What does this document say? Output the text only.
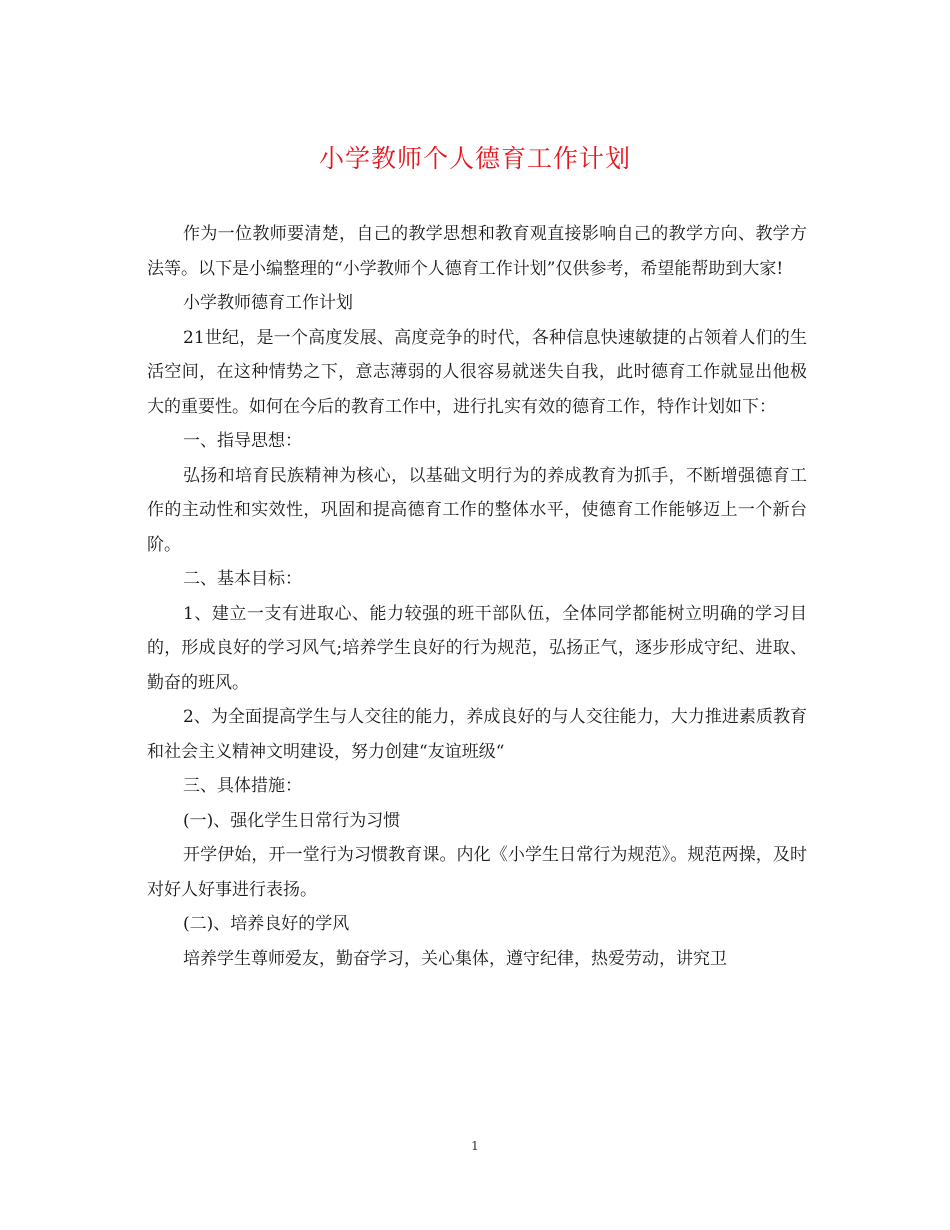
小学教师个人德育工作计划

作为一位教师要清楚，自己的教学思想和教育观直接影响自己的教学方向、教学方法等。以下是小编整理的“小学教师个人德育工作计划”仅供参考，希望能帮助到大家!

小学教师德育工作计划

21世纪，是一个高度发展、高度竞争的时代，各种信息快速敏捷的占领着人们的生活空间，在这种情势之下，意志薄弱的人很容易就迷失自我，此时德育工作就显出他极大的重要性。如何在今后的教育工作中，进行扎实有效的德育工作，特作计划如下：

一、指导思想：

弘扬和培育民族精神为核心，以基础文明行为的养成教育为抓手，不断增强德育工作的主动性和实效性，巩固和提高德育工作的整体水平，使德育工作能够迈上一个新台阶。

二、基本目标：

1、建立一支有进取心、能力较强的班干部队伍，全体同学都能树立明确的学习目的，形成良好的学习风气;培养学生良好的行为规范，弘扬正气，逐步形成守纪、进取、勤奋的班风。

2、为全面提高学生与人交往的能力，养成良好的与人交往能力，大力推进素质教育和社会主义精神文明建设，努力创建“友谊班级“

三、具体措施：

(一)、强化学生日常行为习惯

开学伊始，开一堂行为习惯教育课。内化《小学生日常行为规范》。规范两操，及时对好人好事进行表扬。

(二)、培养良好的学风

培养学生尊师爱友，勤奋学习，关心集体，遵守纪律，热爱劳动，讲究卫

1
